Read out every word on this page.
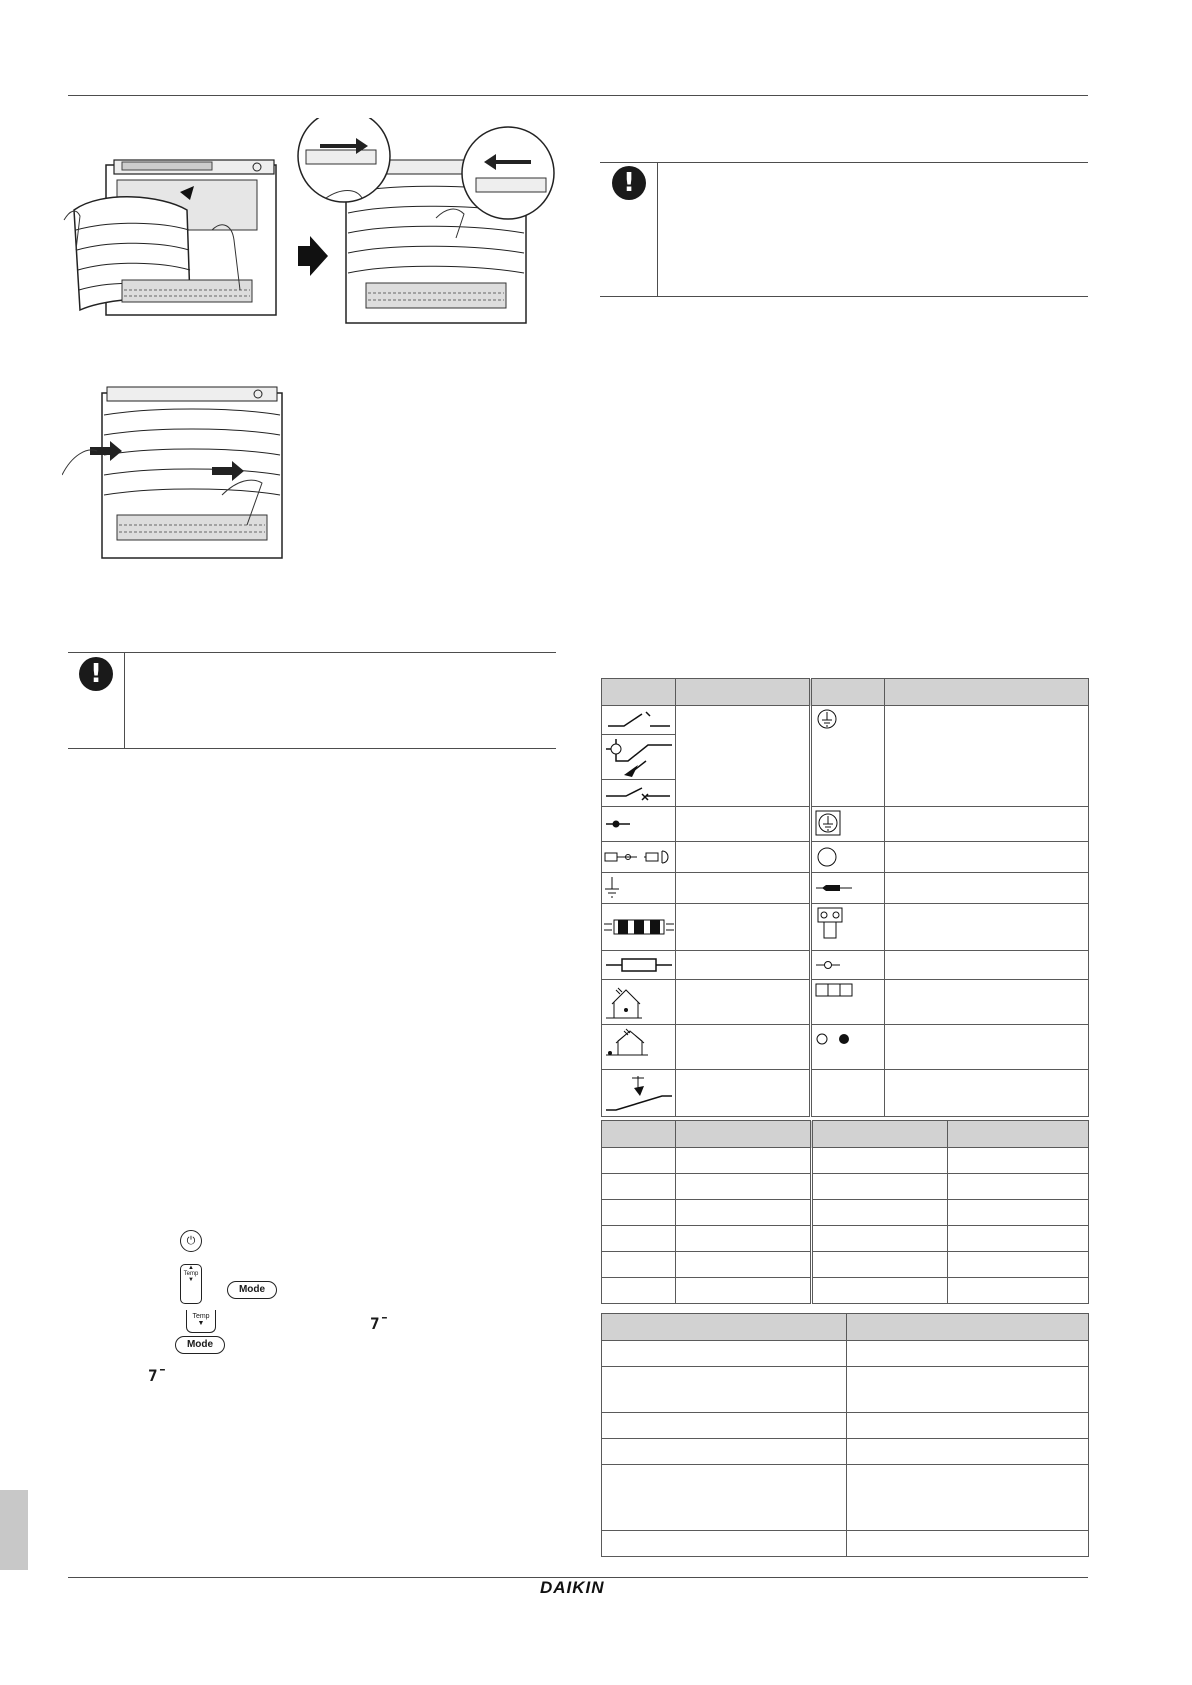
!
!
⏻
▲
Temp
▼
Mode
Temp
▼	7̄
Mode
7̄

DAIKIN
